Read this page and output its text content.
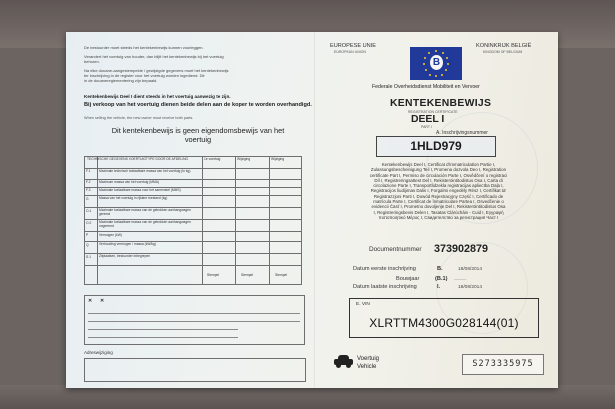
De bestuurder moet steeds het kentekenbewijs kunnen voorleggen.
Verandert het voertuig van houder, dan blijft het kentekenbewijs bij het voertuig
behoren.
Na elke douane-aangestempelde / gewijzigde gegevens moet het kentekenbewijs
ter inschrijving in de register voor het voertuig worden ingediend. Dit
in de douanereglementering zijn bepaald.
Kentekenbewijs Deel I dient steeds in het voertuig aanwezig te zijn.
Bij verkoop van het voertuig dienen beide delen aan de koper te worden overhandigd.
When selling the vehicle, the new owner must receive both parts.
Dit kentekenbewijs is geen eigendomsbewijs van het voertuig
TECHNISCHE GEGEVENS VOERTUIGTYPE DOOR DE AFDELING	1e voertuig	Wijziging	Wijziging
F.1	Maximale technisch toelaatbare massa van het voertuig (in kg)
F.2	Maximum massa van het voertuig (MMA)
F.3	Maximale toelaatbare massa voor het samenstel (MMS)
G	Massa van het voertuig in rijklare toestand (kg)
O.1 Maximale toelaatbare massa van de getrokken aanhangwagen geremd
O.2 Maximale toelaatbare massa van de getrokken aanhangwagen ongeremd
P	Vermogen (kW)
Q	Verhouding vermogen / massa (kW/kg)
S.1 Zitplaatsen, bestuurder inbegrepen
Stempel	Stempel	Stempel
✕ ✕
Adreswijziging
EUROPESE UNIE
EUROPEAN UNION
B
KONINKRIJK BELGIË
KINGDOM OF BELGIUM
Federale Overheidsdienst Mobiliteit en Vervoer
KENTEKENBEWIJS
REGISTRATION CERTIFICATE
DEEL I
PART I
A. Inschrijvingsnummer
1HLD979
Kentekenbewijs Deel I, Certificat d'immatriculation Partie I,
Zulassungsbescheinigung Teil I, Promena dozvola Deo I, Registration
certificate Part I, Permiso de circulación Parte I, Osvědčení o registraci
Díl I, Registreringsattest Del I, Rekisteröintitodistus Osa I, Carta di
circolazione Parte I, Transportlidzekla registracijas apliecība Daļa I,
Registracijos liudijimas Dalis I, Forgalmi engedély Rész I, Certifikat ta'
Registrazzjoni Parti I, Dowód Rejestracyjny Część I, Certificado de
matrícula Parte I, Certificat de înmatriculare Partea I, Osvedčenie o
evidencii Časť I, Prometno dovoljenje Del I, Rekisteröintitodistus Osa
I, Registreringsbevis Delen I, Tasatas Clárúcháin - Cuid I, Εγγραφή
πιστοποιητικό Μέρος I, Свидетелство за регистрация Част I
Documentnummer 373902879
Datum eerste inschrijving	B.	18/08/2014
Bouwjaar	(B.1) --------
Datum laatste inschrijving	I.	18/08/2014
E. VIN
XLRTTM4300G028144(01)
Voertuig
Vehicle	S273335975
